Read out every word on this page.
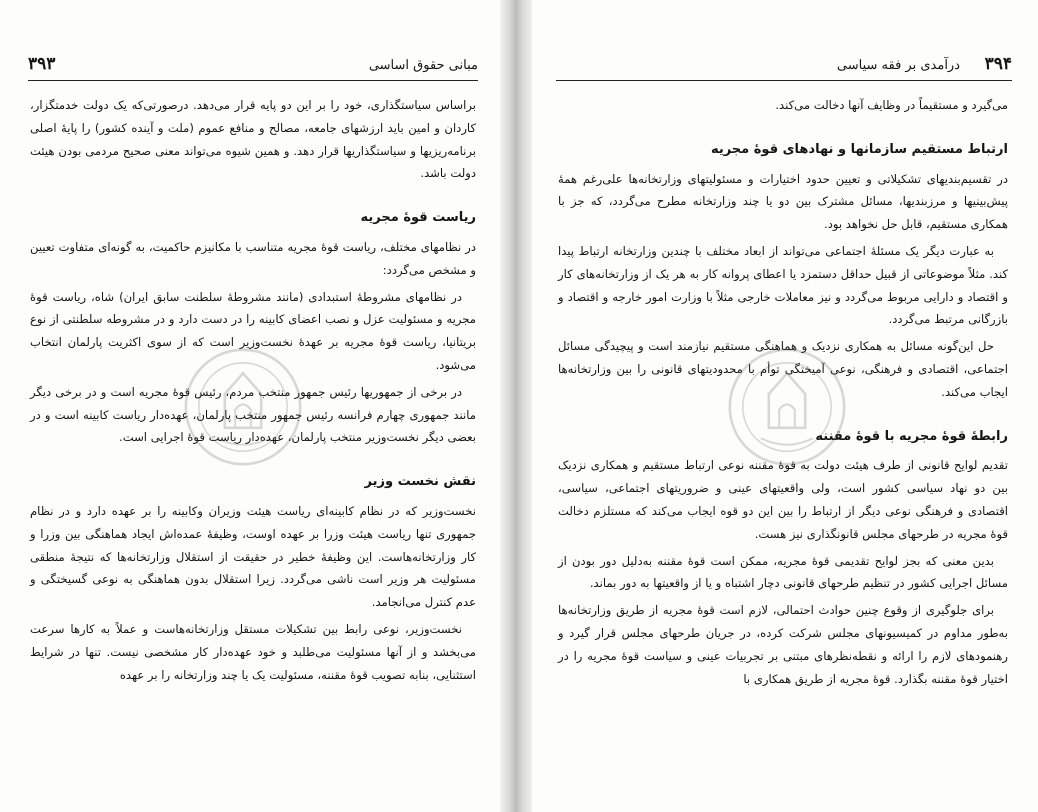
۳۹۳	مبانی حقوق اساسی

براساس سیاستگذاری، خود را بر این دو پایه قرار می‌دهد. درصورتی‌که یک دولت خدمتگزار، کاردان و امین باید ارزشهای جامعه، مصالح و منافع عموم (ملت و آینده کشور) را پایهٔ اصلی برنامه‌ریزیها و سیاستگذاریها قرار دهد. و همین شیوه می‌تواند معنی صحیح مردمی بودن هیئت دولت باشد.

ریاست قوهٔ مجریه

در نظامهای مختلف، ریاست قوهٔ مجریه متناسب با مکانیزم حاکمیت، به گونه‌ای متفاوت تعیین و مشخص می‌گردد:

در نظامهای مشروطهٔ استبدادی (مانند مشروطهٔ سلطنت سابق ایران) شاه، ریاست قوهٔ مجریه و مسئولیت عزل و نصب اعضای کابینه را در دست دارد و در مشروطه سلطنتی از نوع بریتانیا، ریاست قوهٔ مجریه بر عهدهٔ نخست‌وزیر است که از سوی اکثریت پارلمان انتخاب می‌شود.

در برخی از جمهوریها رئیس جمهور منتخب مردم، رئیس قوهٔ مجریه است و در برخی دیگر مانند جمهوری چهارم فرانسه رئیس جمهور منتخب پارلمان، عهده‌دار ریاست کابینه است و در بعضی دیگر نخست‌وزیر منتخب پارلمان، عهده‌دار ریاست قوهٔ اجرایی است.

نقش نخست وزیر

نخست‌وزیر که در نظام کابینه‌ای ریاست هیئت وزیران وکابینه را بر عهده دارد و در نظام جمهوری تنها ریاست هیئت وزرا بر عهده اوست، وظیفهٔ عمده‌اش ایجاد هماهنگی بین وزرا و کار وزارتخانه‌هاست. این وظیفهٔ خطیر در حقیقت از استقلال وزارتخانه‌ها که نتیجهٔ منطقی مسئولیت هر وزیر است ناشی می‌گردد. زیرا استقلال بدون هماهنگی به نوعی گسیختگی و عدم کنترل می‌انجامد.

نخست‌وزیر، نوعی رابط بین تشکیلات مستقل وزارتخانه‌هاست و عملاً به کارها سرعت می‌بخشد و از آنها مسئولیت می‌طلبد و خود عهده‌دار کار مشخصی نیست. تنها در شرایط استثنایی، بنابه تصویب قوهٔ مقننه، مسئولیت یک یا چند وزارتخانه را بر عهده

۳۹۴
درآمدی بر فقه سیاسی

می‌گیرد و مستقیماً در وظایف آنها دخالت می‌کند.

ارتباط مستقیم سازمانها و نهادهای قوهٔ مجریه

در تقسیم‌بندیهای تشکیلاتی و تعیین حدود اختیارات و مسئولیتهای وزارتخانه‌ها علی‌رغم همهٔ پیش‌بینیها و مرزبندیها، مسائل مشترک بین دو یا چند وزارتخانه مطرح می‌گردد، که جز با همکاری مستقیم، قابل حل نخواهد بود.

به عبارت دیگر یک مسئلهٔ اجتماعی می‌تواند از ابعاد مختلف با چندین وزارتخانه ارتباط پیدا کند. مثلاً موضوعاتی از قبیل حداقل دستمزد یا اعطای پروانه کار به هر یک از وزارتخانه‌های کار و اقتصاد و دارایی مربوط می‌گردد و نیز معاملات خارجی مثلاً با وزارت امور خارجه و اقتصاد و بازرگانی مرتبط می‌گردد.

حل این‌گونه مسائل به همکاری نزدیک و هماهنگی مستقیم نیازمند است و پیچیدگی مسائل اجتماعی، اقتصادی و فرهنگی، نوعی آمیختگی توأم با محدودیتهای قانونی را بین وزارتخانه‌ها ایجاب می‌کند.

رابطهٔ قوهٔ مجریه با قوهٔ مقننه

تقدیم لوایح قانونی از طرف هیئت دولت به قوهٔ مقننه نوعی ارتباط مستقیم و همکاری نزدیک بین دو نهاد سیاسی کشور است، ولی واقعیتهای عینی و ضروریتهای اجتماعی، سیاسی، اقتصادی و فرهنگی نوعی دیگر از ارتباط را بین این دو قوه ایجاب می‌کند که مستلزم دخالت قوهٔ مجریه در طرحهای مجلس قانونگذاری نیز هست.

بدین معنی که بجز لوایح تقدیمی قوهٔ مجریه، ممکن است قوهٔ مقننه به‌دلیل دور بودن از مسائل اجرایی کشور در تنظیم طرحهای قانونی دچار اشتباه و یا از واقعیتها به دور بماند.

برای جلوگیری از وقوع چنین حوادث احتمالی، لازم است قوهٔ مجریه از طریق وزارتخانه‌ها به‌طور مداوم در کمیسیونهای مجلس شرکت کرده، در جریان طرحهای مجلس قرار گیرد و رهنمودهای لازم را ارائه و نقطه‌نظرهای مبتنی بر تجربیات عینی و سیاست قوهٔ مجریه را در اختیار قوهٔ مقننه بگذارد. قوهٔ مجریه از طریق همکاری با
